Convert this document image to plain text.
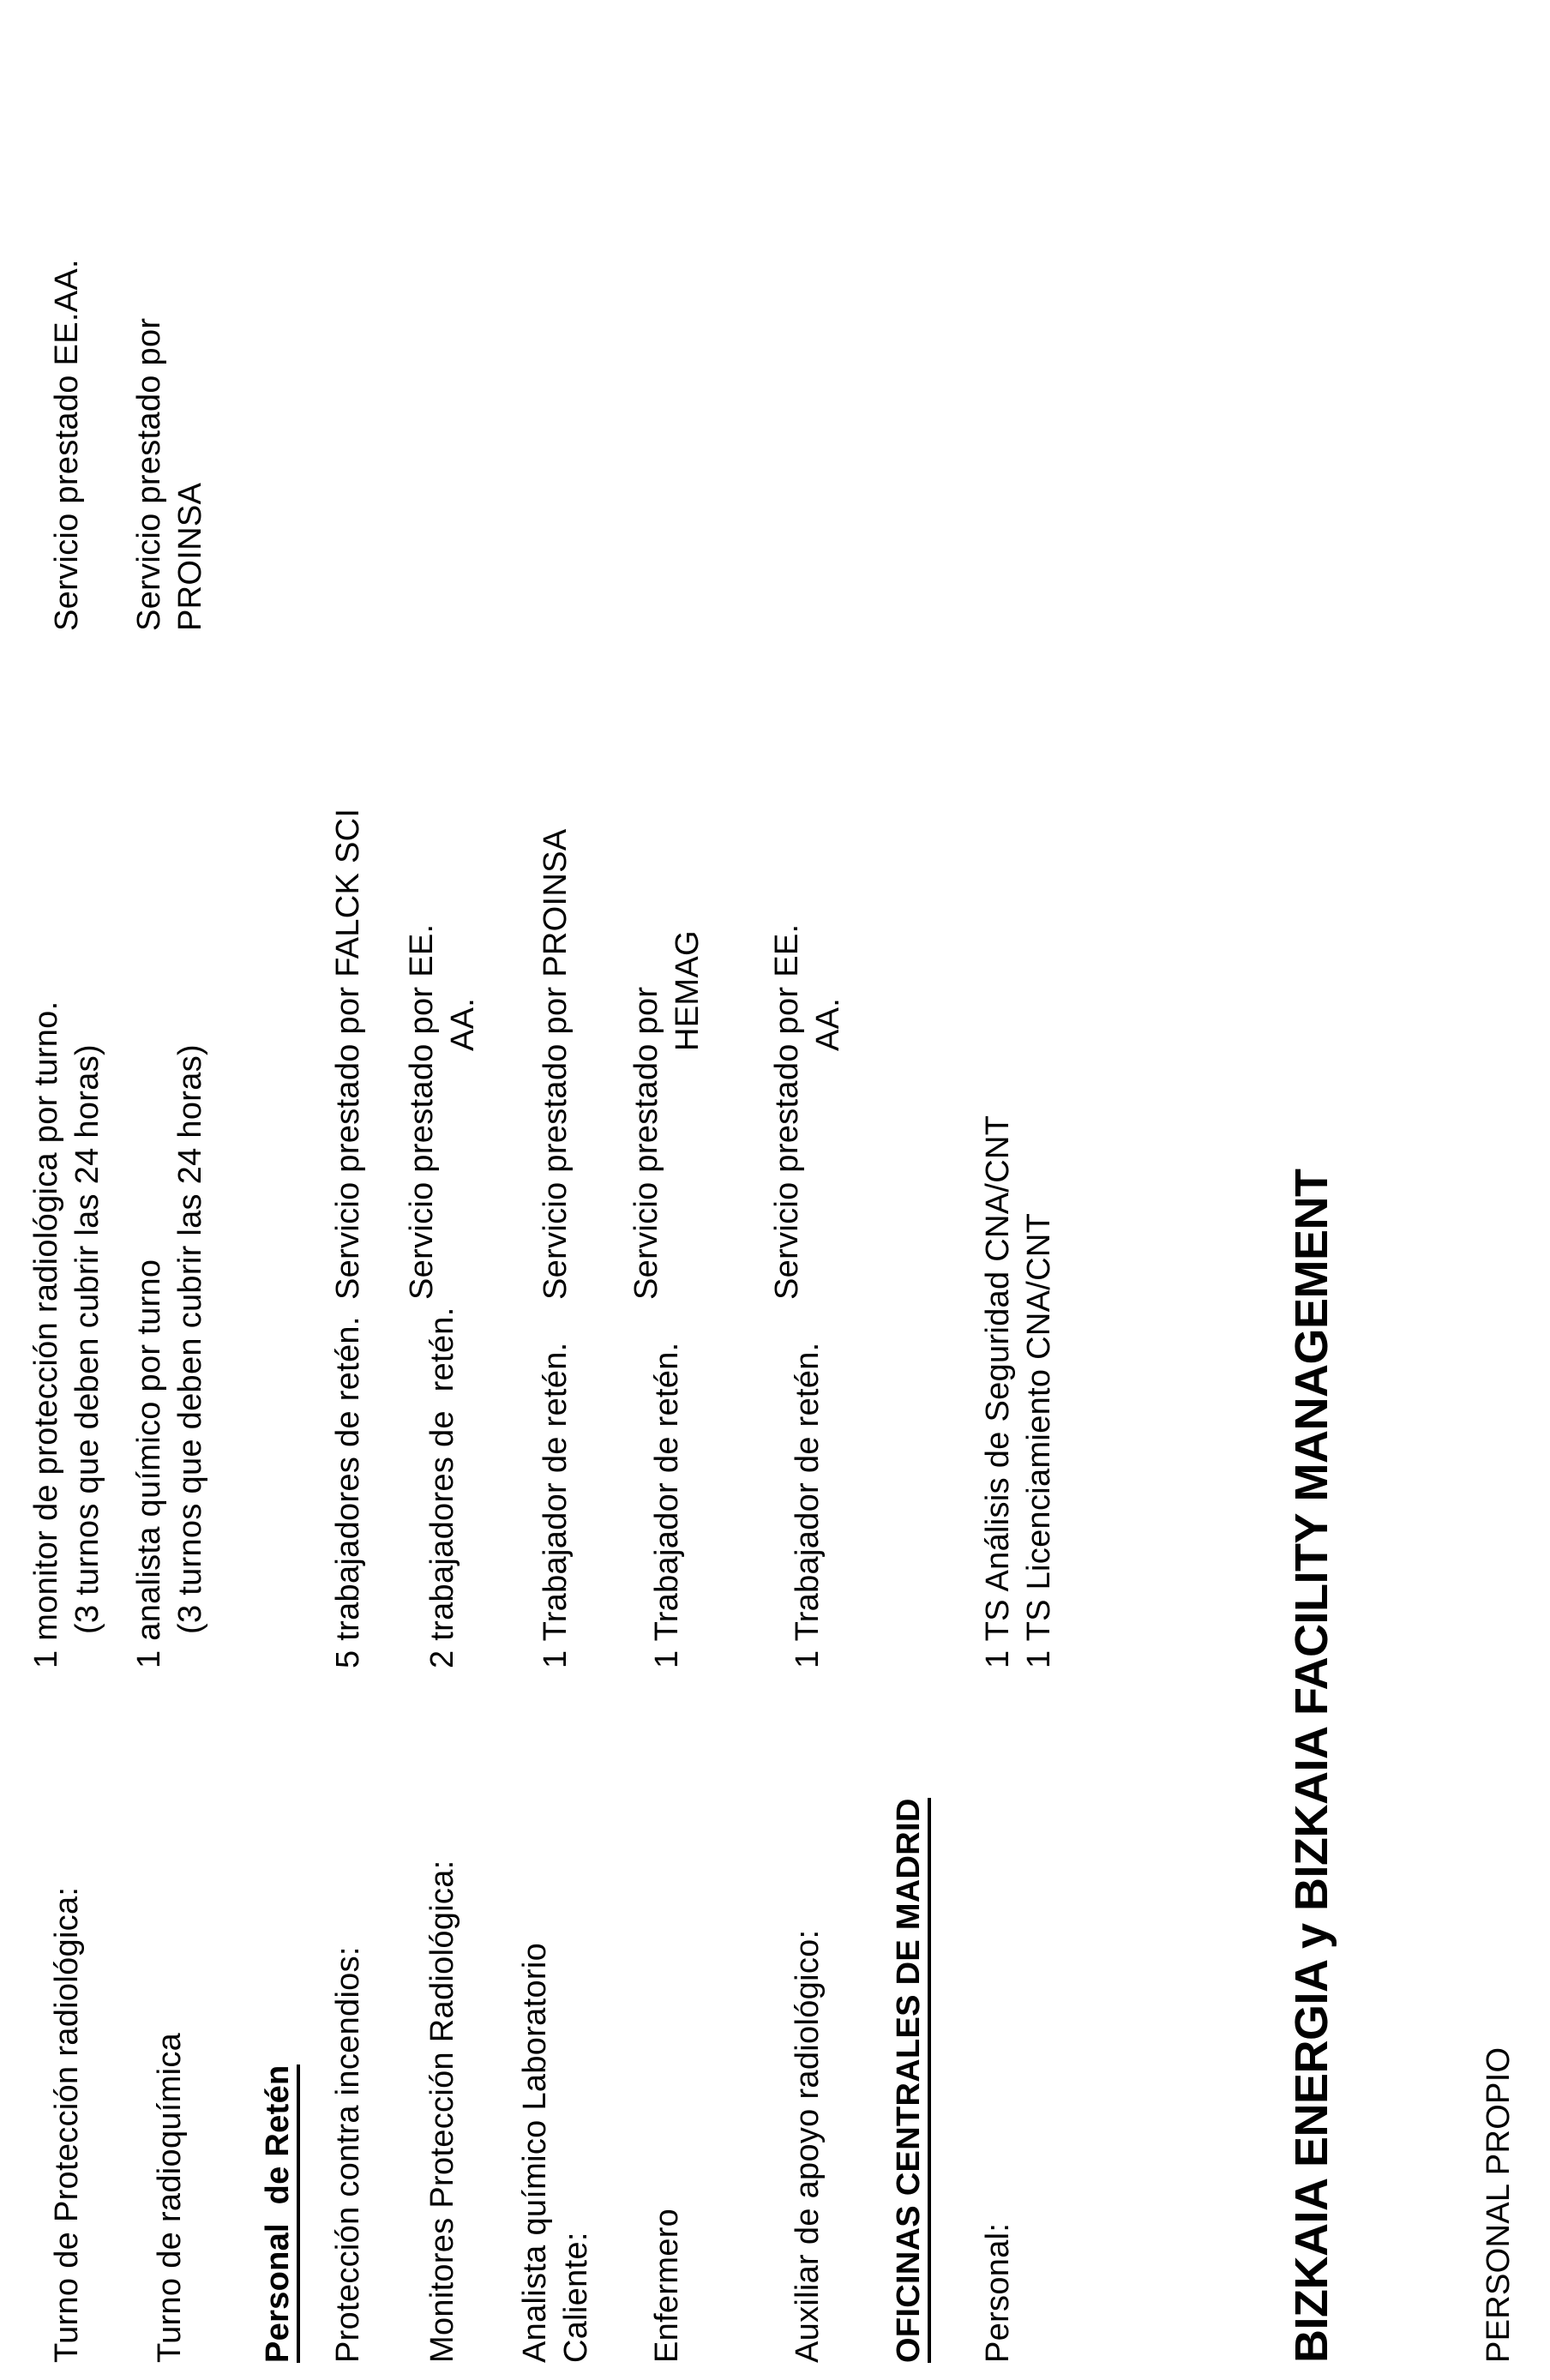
Turno de Protección radiológica:
1 monitor de protección radiológica por turno. (3 turnos que deben cubrir las 24 horas)
Servicio prestado EE.AA.
Turno de radioquímica
1 analista químico por turno (3 turnos que deben cubrir las 24 horas)
Servicio prestado por PROINSA
Personal  de Retén Protección contra incendios:
5 trabajadores de retén.
Servicio prestado por FALCK SCI
Monitores Protección Radiológica:
2 trabajadores de  retén.
Servicio prestado por EE. AA.
Analista químico Laboratorio Caliente:
1 Trabajador de retén.
Servicio prestado por PROINSA
Enfermero
1 Trabajador de retén.
Servicio prestado por HEMAG
Auxiliar de apoyo radiológico:
1 Trabajador de retén.
Servicio prestado por EE. AA.
OFICINAS CENTRALES DE MADRID Personal:
1 TS Análisis de Seguridad CNA/CNT 1 TS Licenciamiento CNA/CNT	BIZKAIA ENERGIA y BIZKAIA FACILITY MANAGEMENT	PERSONAL PROPIO
